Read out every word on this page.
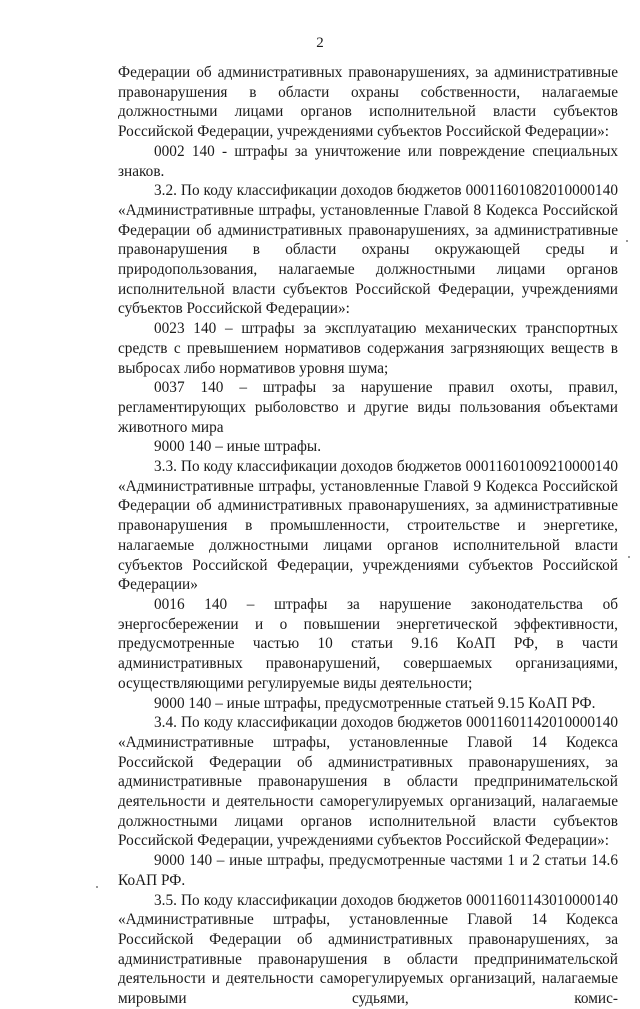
2

Федерации об административных правонарушениях, за административные правонарушения в области охраны собственности, налагаемые должностными лицами органов исполнительной власти субъектов Российской Федерации, учреждениями субъектов Российской Федерации»:

0002 140 - штрафы за уничтожение или повреждение специальных знаков.

3.2. По коду классификации доходов бюджетов 00011601082010000140 «Административные штрафы, установленные Главой 8 Кодекса Российской Федерации об административных правонарушениях, за административные правонарушения в области охраны окружающей среды и природопользования, налагаемые должностными лицами органов исполнительной власти субъектов Российской Федерации, учреждениями субъектов Российской Федерации»:

0023 140 – штрафы за эксплуатацию механических транспортных средств с превышением нормативов содержания загрязняющих веществ в выбросах либо нормативов уровня шума;

0037 140 – штрафы за нарушение правил охоты, правил, регламентирующих рыболовство и другие виды пользования объектами животного мира

9000 140 – иные штрафы.

3.3. По коду классификации доходов бюджетов 00011601009210000140 «Административные штрафы, установленные Главой 9 Кодекса Российской Федерации об административных правонарушениях, за административные правонарушения в промышленности, строительстве и энергетике, налагаемые должностными лицами органов исполнительной власти субъектов Российской Федерации, учреждениями субъектов Российской Федерации»

0016 140 – штрафы за нарушение законодательства об энергосбережении и о повышении энергетической эффективности, предусмотренные частью 10 статьи 9.16 КоАП РФ, в части административных правонарушений, совершаемых организациями, осуществляющими регулируемые виды деятельности;

9000 140 – иные штрафы, предусмотренные статьей 9.15 КоАП РФ.

3.4. По коду классификации доходов бюджетов 00011601142010000140 «Административные штрафы, установленные Главой 14 Кодекса Российской Федерации об административных правонарушениях, за административные правонарушения в области предпринимательской деятельности и деятельности саморегулируемых организаций, налагаемые должностными лицами органов исполнительной власти субъектов Российской Федерации, учреждениями субъектов Российской Федерации»:

9000 140 – иные штрафы, предусмотренные частями 1 и 2 статьи 14.6 КоАП РФ.

3.5. По коду классификации доходов бюджетов 00011601143010000140 «Административные штрафы, установленные Главой 14 Кодекса Российской Федерации об административных правонарушениях, за административные правонарушения в области предпринимательской деятельности и деятельности саморегулируемых организаций, налагаемые мировыми судьями, комис-
